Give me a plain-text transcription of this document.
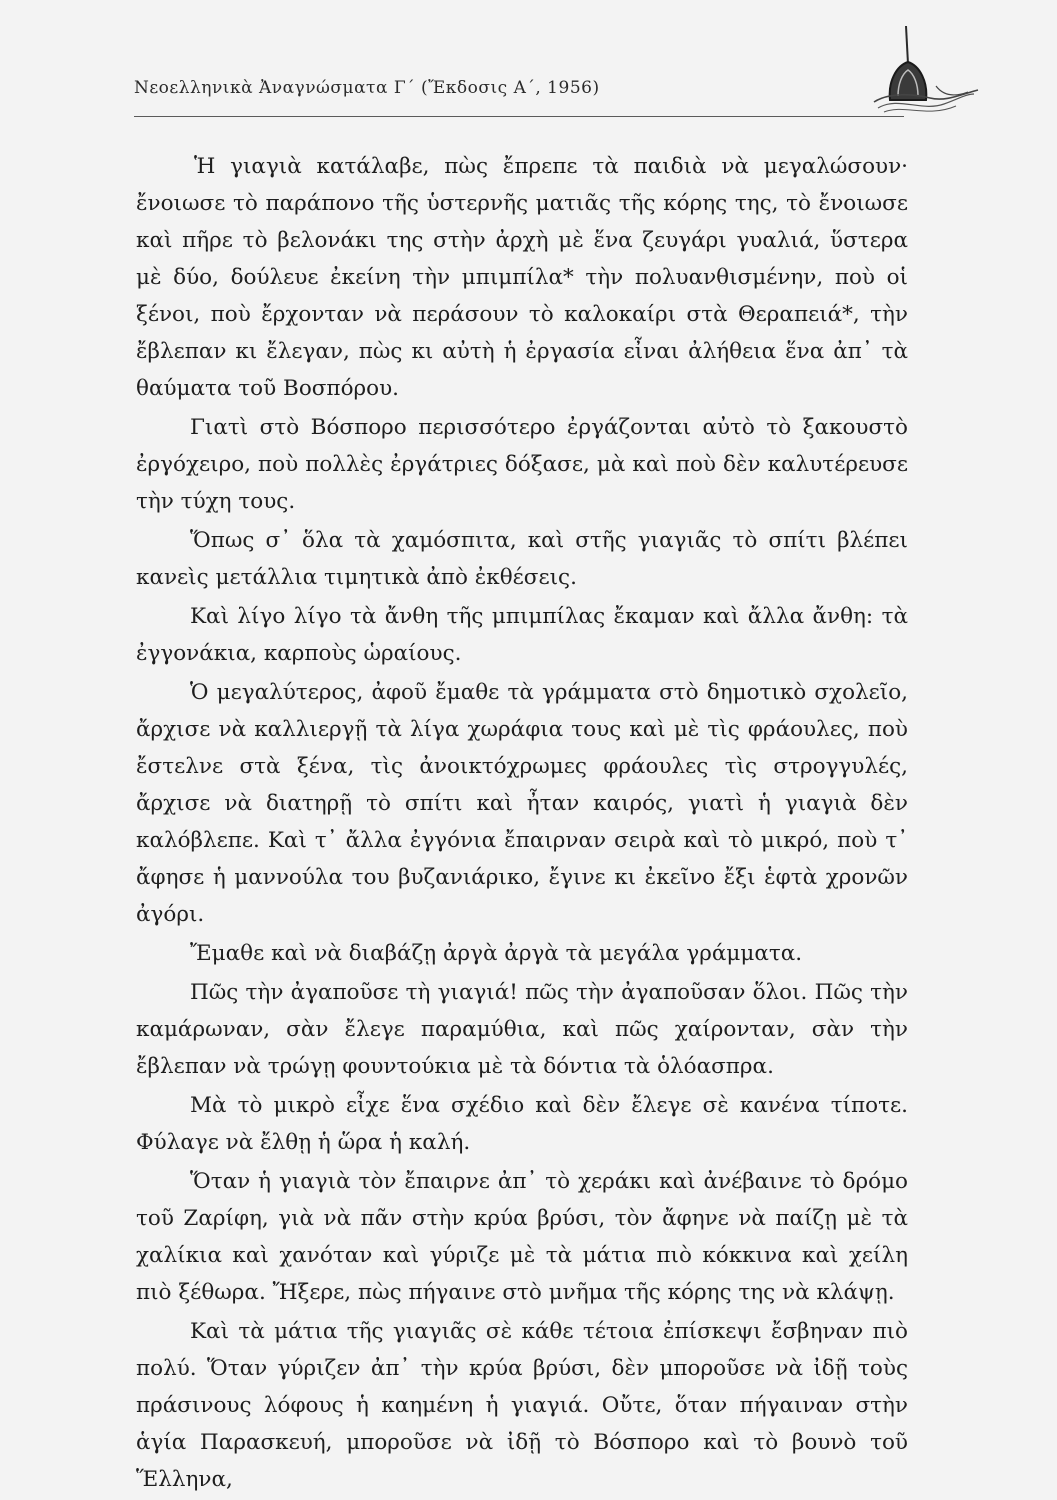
Νεοελληνικὰ Ἀναγνώσματα Γ΄ (Ἔκδοσις Α΄, 1956)

Ἡ γιαγιὰ κατάλαβε, πὼς ἔπρεπε τὰ παιδιὰ νὰ μεγαλώσουν· ἔνοιωσε τὸ παράπονο τῆς ὑστερνῆς ματιᾶς τῆς κόρης της, τὸ ἔνοιωσε καὶ πῆρε τὸ βελονάκι της στὴν ἀρχὴ μὲ ἕνα ζευγάρι γυαλιά, ὕστερα μὲ δύο, δούλευε ἐκείνη τὴν μπιμπίλα* τὴν πολυανθισμένην, ποὺ οἱ ξένοι, ποὺ ἔρχονταν νὰ περάσουν τὸ καλοκαίρι στὰ Θεραπειά*, τὴν ἔβλεπαν κι ἔλεγαν, πὼς κι αὐτὴ ἡ ἐργασία εἶναι ἀλήθεια ἕνα ἀπ᾽ τὰ θαύματα τοῦ Βοσπόρου.

Γιατὶ στὸ Βόσπορο περισσότερο ἐργάζονται αὐτὸ τὸ ξακουστὸ ἐργόχειρο, ποὺ πολλὲς ἐργάτριες δόξασε, μὰ καὶ ποὺ δὲν καλυτέρευσε τὴν τύχη τους.

Ὅπως σ᾽ ὅλα τὰ χαμόσπιτα, καὶ στῆς γιαγιᾶς τὸ σπίτι βλέπει κανεὶς μετάλλια τιμητικὰ ἀπὸ ἐκθέσεις.

Καὶ λίγο λίγο τὰ ἄνθη τῆς μπιμπίλας ἔκαμαν καὶ ἄλλα ἄνθη: τὰ ἐγγονάκια, καρποὺς ὡραίους.

Ὁ μεγαλύτερος, ἀφοῦ ἔμαθε τὰ γράμματα στὸ δημοτικὸ σχολεῖο, ἄρχισε νὰ καλλιεργῇ τὰ λίγα χωράφια τους καὶ μὲ τὶς φράουλες, ποὺ ἔστελνε στὰ ξένα, τὶς ἀνοικτόχρωμες φράουλες τὶς στρογγυλές, ἄρχισε νὰ διατηρῇ τὸ σπίτι καὶ ἦταν καιρός, γιατὶ ἡ γιαγιὰ δὲν καλόβλεπε. Καὶ τ᾽ ἄλλα ἐγγόνια ἔπαιρναν σειρὰ καὶ τὸ μικρό, ποὺ τ᾽ ἄφησε ἡ μαννούλα του βυζανιάρικο, ἔγινε κι ἐκεῖνο ἔξι ἑφτὰ χρονῶν ἀγόρι.

Ἔμαθε καὶ νὰ διαβάζῃ ἀργὰ ἀργὰ τὰ μεγάλα γράμματα.

Πῶς τὴν ἀγαποῦσε τὴ γιαγιά! πῶς τὴν ἀγαποῦσαν ὅλοι. Πῶς τὴν καμάρωναν, σὰν ἔλεγε παραμύθια, καὶ πῶς χαίρονταν, σὰν τὴν ἔβλεπαν νὰ τρώγῃ φουντούκια μὲ τὰ δόντια τὰ ὁλόασπρα.

Μὰ τὸ μικρὸ εἶχε ἕνα σχέδιο καὶ δὲν ἔλεγε σὲ κανένα τίποτε. Φύλαγε νὰ ἔλθῃ ἡ ὥρα ἡ καλή.

Ὅταν ἡ γιαγιὰ τὸν ἔπαιρνε ἀπ᾽ τὸ χεράκι καὶ ἀνέβαινε τὸ δρόμο τοῦ Ζαρίφη, γιὰ νὰ πᾶν στὴν κρύα βρύσι, τὸν ἄφηνε νὰ παίζῃ μὲ τὰ χαλίκια καὶ χανόταν καὶ γύριζε μὲ τὰ μάτια πιὸ κόκκινα καὶ χείλη πιὸ ξέθωρα. Ἤξερε, πὼς πήγαινε στὸ μνῆμα τῆς κόρης της νὰ κλάψῃ.

Καὶ τὰ μάτια τῆς γιαγιᾶς σὲ κάθε τέτοια ἐπίσκεψι ἔσβηναν πιὸ πολύ. Ὅταν γύριζεν ἀπ᾽ τὴν κρύα βρύσι, δὲν μποροῦσε νὰ ἰδῇ τοὺς πράσινους λόφους ἡ καημένη ἡ γιαγιά. Οὔτε, ὅταν πήγαιναν στὴν ἁγία Παρασκευή, μποροῦσε νὰ ἰδῇ τὸ Βόσπορο καὶ τὸ βουνὸ τοῦ Ἕλληνα,
